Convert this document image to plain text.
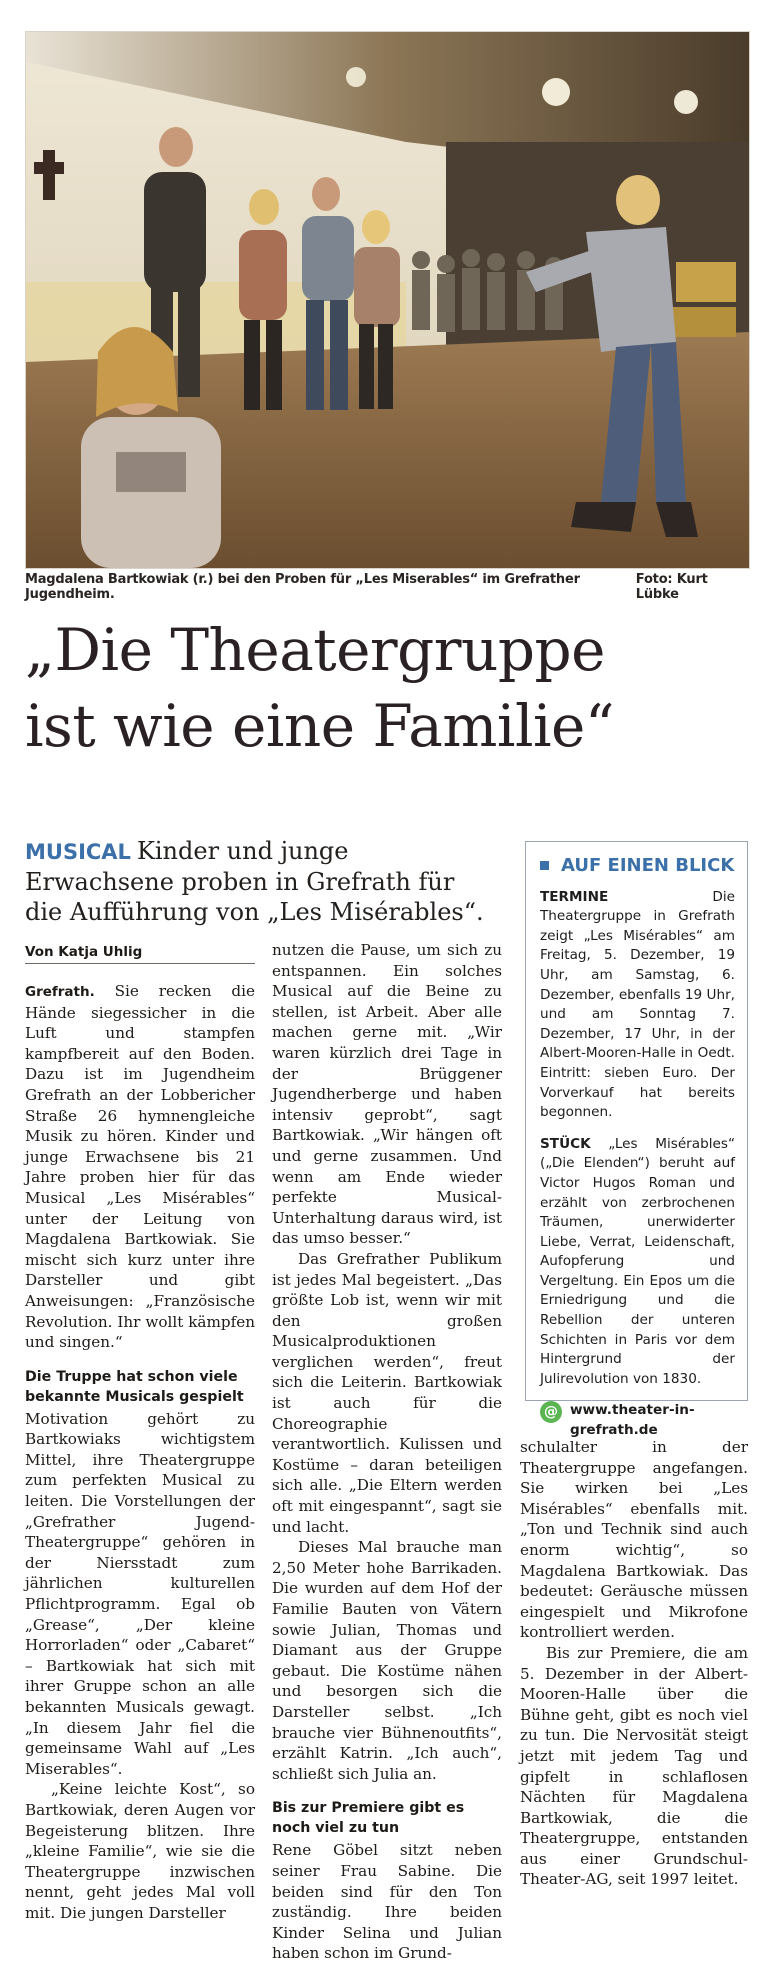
Magdalena Bartkowiak (r.) bei den Proben für „Les Miserables“ im Grefrather Jugendheim.
Foto: Kurt Lübke
„Die Theatergruppe
ist wie eine Familie“
MUSICAL Kinder und junge Erwachsene proben in Grefrath für die Aufführung von „Les Misérables“.
Von Katja Uhlig

Grefrath. Sie recken die Hände siegessicher in die Luft und stampfen kampfbereit auf den Boden. Dazu ist im Jugendheim Grefrath an der Lobbericher Straße 26 hymnengleiche Musik zu hören. Kinder und junge Erwachsene bis 21 Jahre proben hier für das Musical „Les Misérables“ unter der Leitung von Magdalena Bartkowiak. Sie mischt sich kurz unter ihre Darsteller und gibt Anweisungen: „Französische Revolution. Ihr wollt kämpfen und singen.“

Die Truppe hat schon viele bekannte Musicals gespielt

Motivation gehört zu Bartkowiaks wichtigstem Mittel, ihre Theatergruppe zum perfekten Musical zu leiten. Die Vorstellungen der „Grefrather Jugend-Theatergruppe“ gehören in der Niersstadt zum jährlichen kulturellen Pflichtprogramm. Egal ob „Grease“, „Der kleine Horrorladen“ oder „Cabaret“ – Bartkowiak hat sich mit ihrer Gruppe schon an alle bekannten Musicals gewagt. „In diesem Jahr fiel die gemeinsame Wahl auf „Les Miserables“.

„Keine leichte Kost“, so Bartkowiak, deren Augen vor Begeisterung blitzen. Ihre „kleine Familie“, wie sie die Theatergruppe inzwischen nennt, geht jedes Mal voll mit. Die jungen Darsteller

nutzen die Pause, um sich zu entspannen. Ein solches Musical auf die Beine zu stellen, ist Arbeit. Aber alle machen gerne mit. „Wir waren kürzlich drei Tage in der Brüggener Jugendherberge und haben intensiv geprobt“, sagt Bartkowiak. „Wir hängen oft und gerne zusammen. Und wenn am Ende wieder perfekte Musical-Unterhaltung daraus wird, ist das umso besser.“

Das Grefrather Publikum ist jedes Mal begeistert. „Das größte Lob ist, wenn wir mit den großen Musicalproduktionen verglichen werden“, freut sich die Leiterin. Bartkowiak ist auch für die Choreographie verantwortlich. Kulissen und Kostüme – daran beteiligen sich alle. „Die Eltern werden oft mit eingespannt“, sagt sie und lacht.

Dieses Mal brauche man 2,50 Meter hohe Barrikaden. Die wurden auf dem Hof der Familie Bauten von Vätern sowie Julian, Thomas und Diamant aus der Gruppe gebaut. Die Kostüme nähen und besorgen sich die Darsteller selbst. „Ich brauche vier Bühnenoutfits“, erzählt Katrin. „Ich auch“, schließt sich Julia an.

Bis zur Premiere gibt es noch viel zu tun

Rene Göbel sitzt neben seiner Frau Sabine. Die beiden sind für den Ton zuständig. Ihre beiden Kinder Selina und Julian haben schon im Grund-

AUF EINEN BLICK

TERMINE	Die Theatergruppe in Grefrath zeigt „Les Misérables“ am Freitag, 5. Dezember, 19 Uhr, am Samstag, 6. Dezember, ebenfalls 19 Uhr, und am Sonntag 7. Dezember, 17 Uhr, in der Albert-Mooren-Halle in Oedt. Eintritt: sieben Euro. Der Vorverkauf hat bereits begonnen.

STÜCK „Les Misérables“ („Die Elenden“) beruht auf Victor Hugos Roman und erzählt von zerbrochenen Träumen, unerwiderter Liebe, Verrat, Leidenschaft, Aufopferung und Vergeltung. Ein Epos um die Erniedrigung und die Rebellion der unteren Schichten in Paris vor dem Hintergrund der Julirevolution von 1830.

@ www.theater-in-grefrath.de

schulalter in der Theatergruppe angefangen. Sie wirken bei „Les Misérables“ ebenfalls mit. „Ton und Technik sind auch enorm wichtig“, so Magdalena Bartkowiak. Das bedeutet: Geräusche müssen eingespielt und Mikrofone kontrolliert werden.

Bis zur Premiere, die am 5. Dezember in der Albert-Mooren-Halle über die Bühne geht, gibt es noch viel zu tun. Die Nervosität steigt jetzt mit jedem Tag und gipfelt in schlaflosen Nächten für Magdalena Bartkowiak, die die Theatergruppe, entstanden aus einer Grundschul-Theater-AG, seit 1997 leitet.
